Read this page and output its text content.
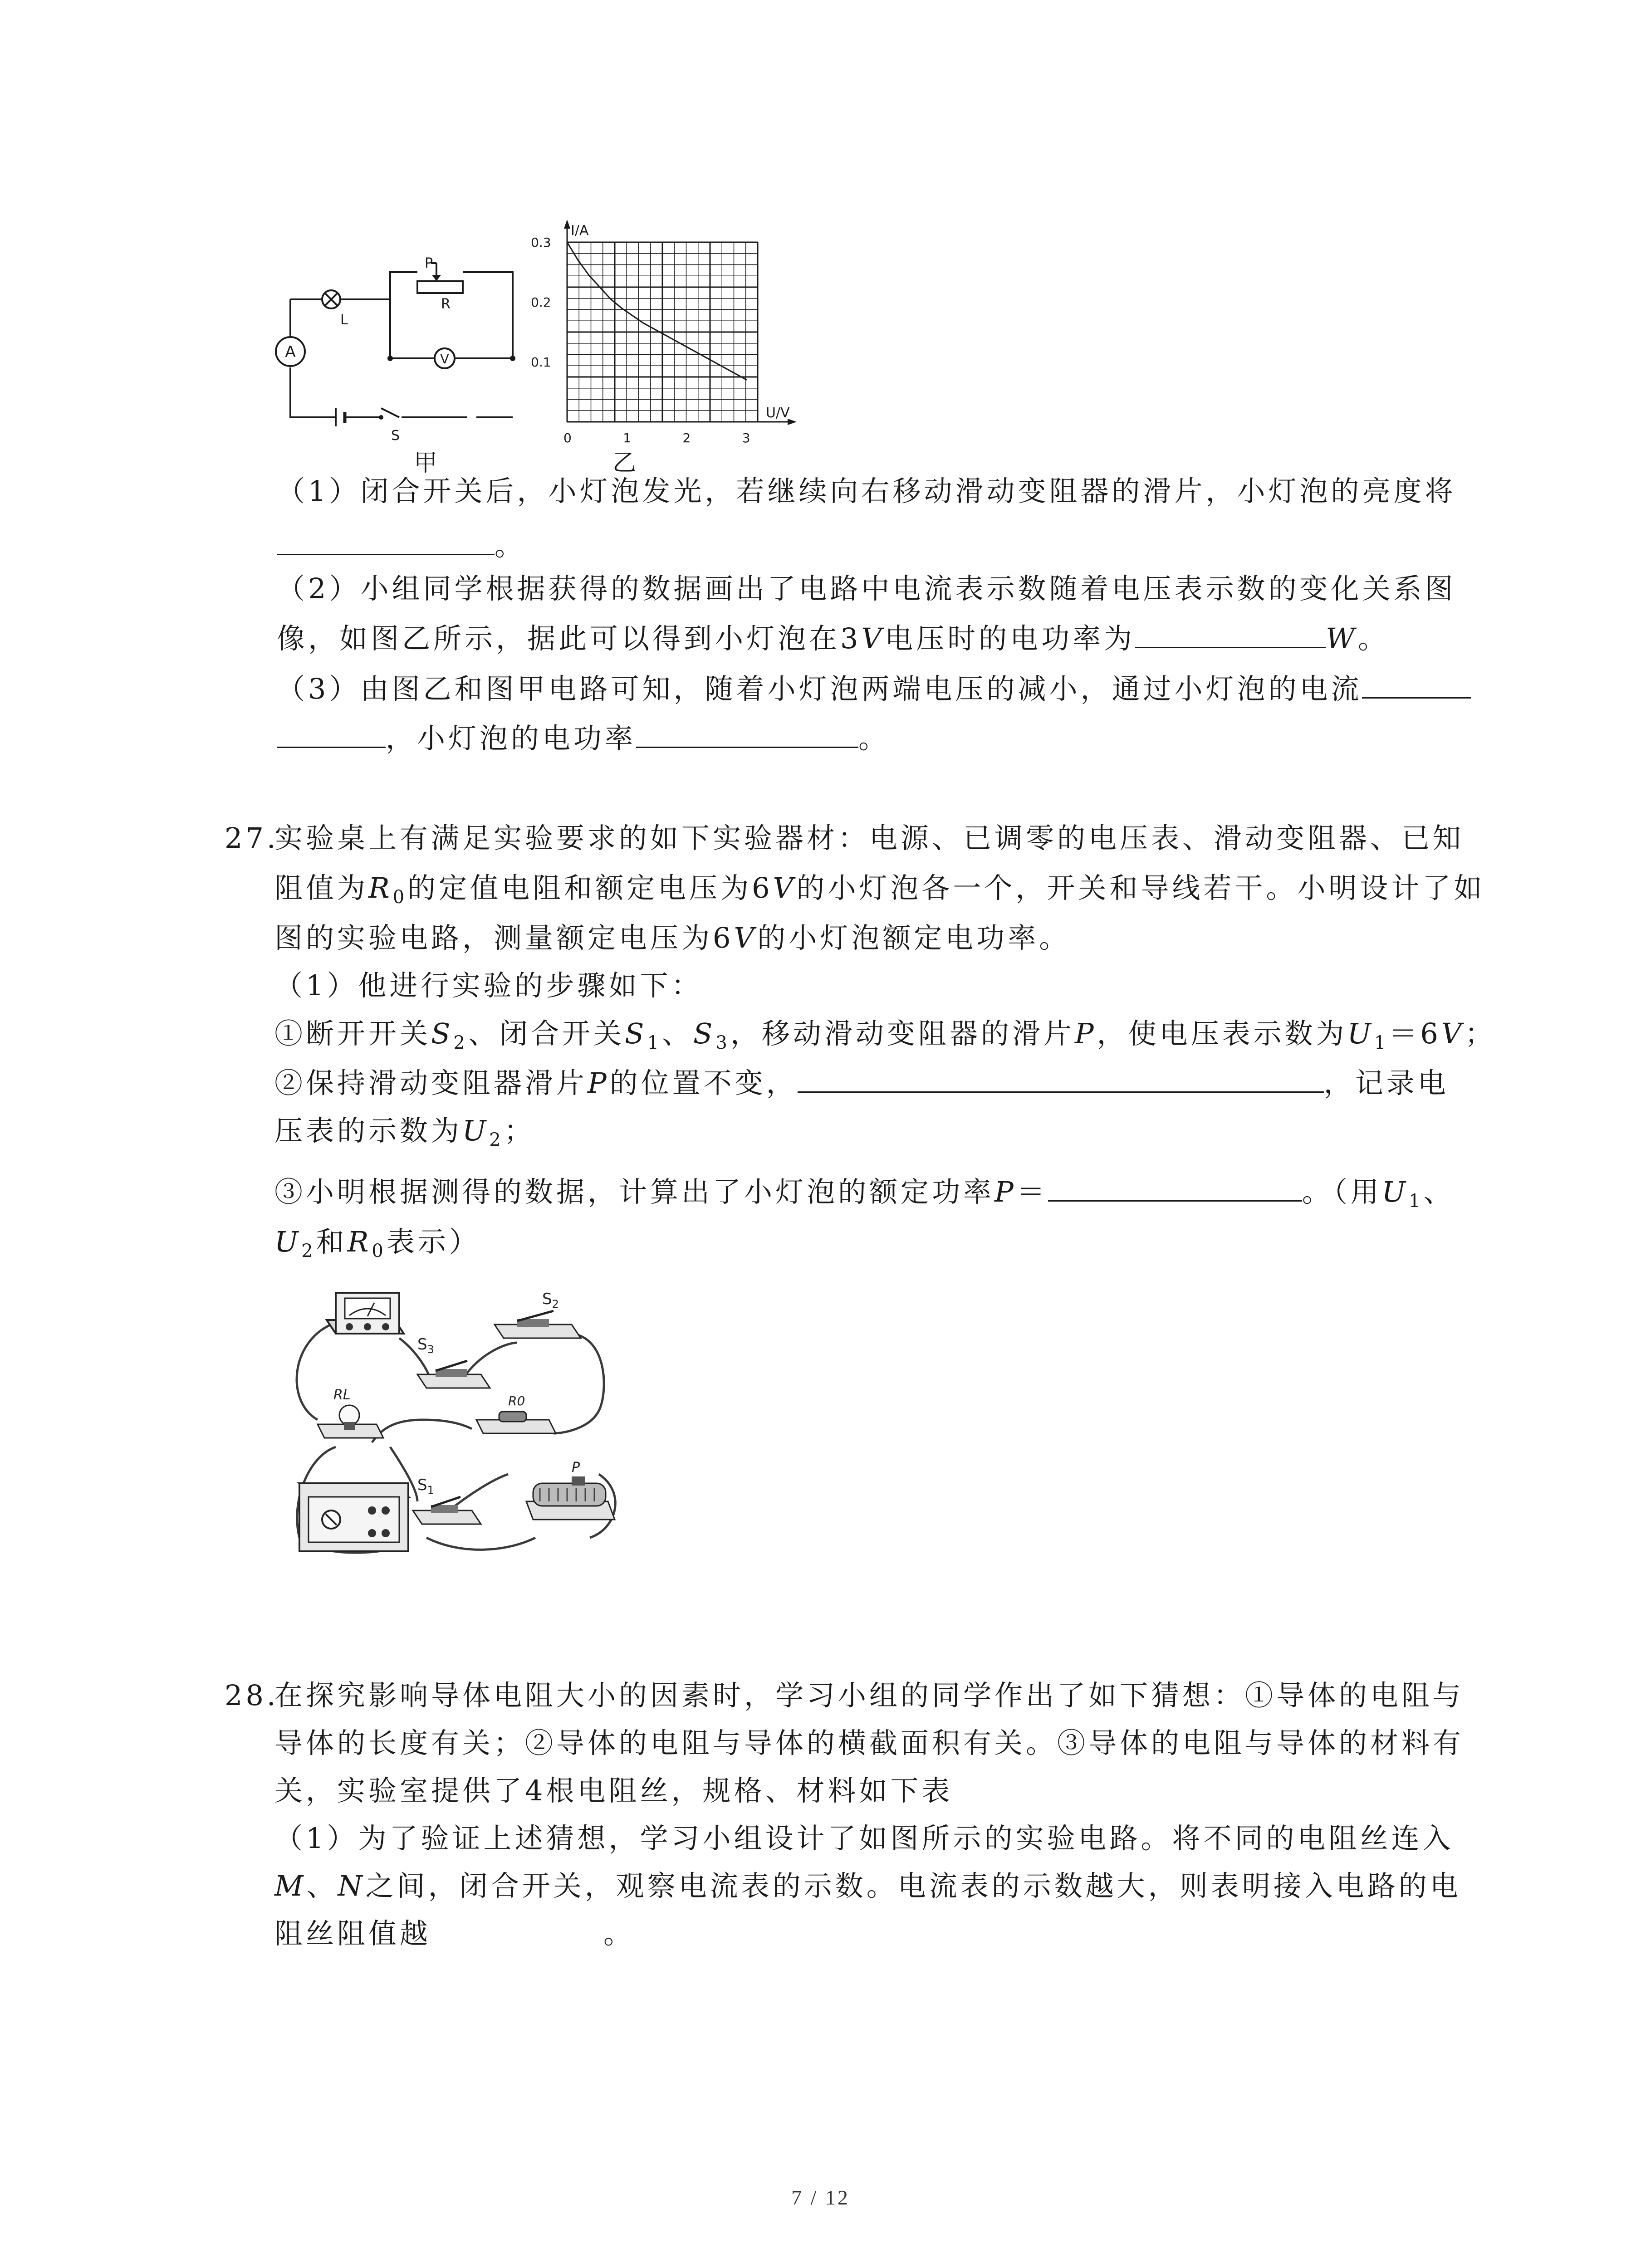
A	V
L
P
R
S
甲
I/A
U/V
0.3
0.2
0.1
0	1	2	3
乙
（1）闭合开关后，小灯泡发光，若继续向右移动滑动变阻器的滑片，小灯泡的亮度将
。
（2）小组同学根据获得的数据画出了电路中电流表示数随着电压表示数的变化关系图
像，如图乙所示，据此可以得到小灯泡在3V电压时的电功率为	W。
（3）由图乙和图甲电路可知，随着小灯泡两端电压的减小，通过小灯泡的电流
，小灯泡的电功率	。
27.实验桌上有满足实验要求的如下实验器材：电源、已调零的电压表、滑动变阻器、已知
阻值为$R_0$的定值电阻和额定电压为6V的小灯泡各一个，开关和导线若干。小明设计了如
图的实验电路，测量额定电压为6V的小灯泡额定电功率。
（1）他进行实验的步骤如下：
①断开开关$S_2$、闭合开关$S_1$、$S_3$，移动滑动变阻器的滑片P，使电压表示数为$U_1=6V$；
②保持滑动变阻器滑片P的位置不变，	，记录电
压表的示数为$U_2$；
③小明根据测得的数据，计算出了小灯泡的额定功率P＝	。（用$U_1$、
$U_2$和$R_0$表示）
$S_2$
$S_3$
RL	R0
$S_1$
P
28.在探究影响导体电阻大小的因素时，学习小组的同学作出了如下猜想：①导体的电阻与
导体的长度有关；②导体的电阻与导体的横截面积有关。③导体的电阻与导体的材料有
关，实验室提供了4根电阻丝，规格、材料如下表
（1）为了验证上述猜想，学习小组设计了如图所示的实验电路。将不同的电阻丝连入
M、N之间，闭合开关，观察电流表的示数。电流表的示数越大，则表明接入电路的电
阻丝阻值越	。
7 / 12
